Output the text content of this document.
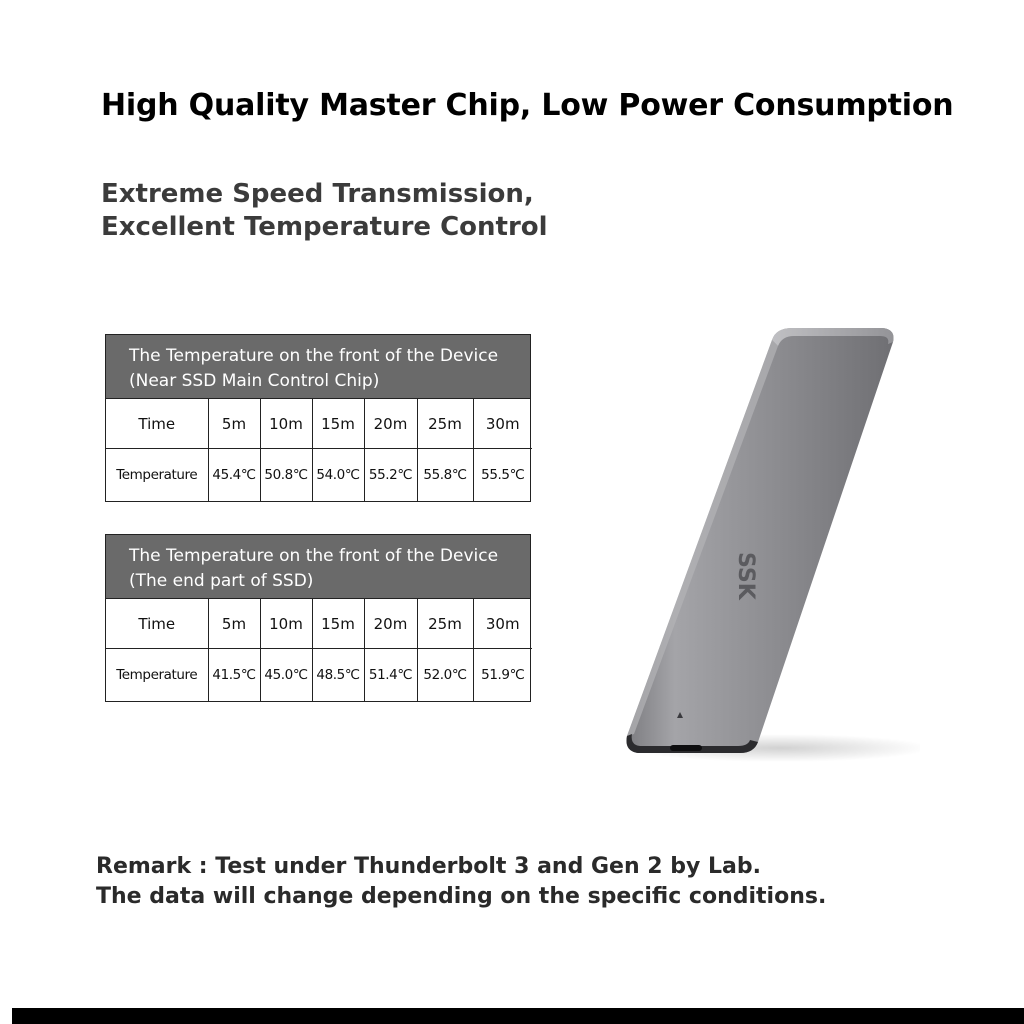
High Quality Master Chip, Low Power Consumption
Extreme Speed Transmission,
Excellent Temperature Control
The Temperature on the front of the Device
(Near SSD Main Control Chip)
Time	5m	10m	15m	20m	25m	30m
Temperature	45.4℃	50.8℃	54.0℃	55.2℃	55.8℃	55.5℃
The Temperature on the front of the Device
(The end part of SSD)
Time	5m	10m	15m	20m	25m	30m
Temperature	41.5℃	45.0℃	48.5℃	51.4℃	52.0℃	51.9℃
SSK
Remark : Test under Thunderbolt 3 and Gen 2 by Lab.
The data will change depending on the specific conditions.
